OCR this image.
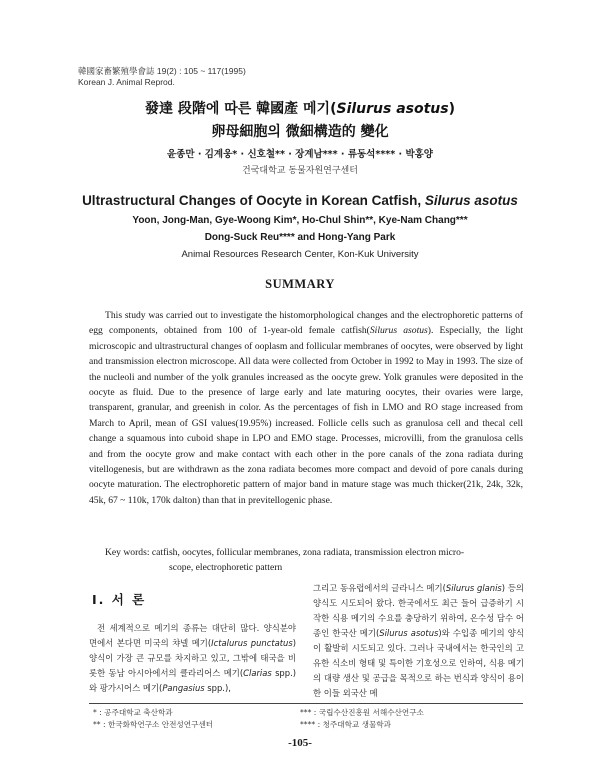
韓國家畜繁殖學會誌 19(2) : 105 ~ 117(1995)
Korean J. Animal Reprod.
發達 段階에 따른 韓國產 메기(Silurus asotus)
卵母細胞의 微細構造的 變化
윤종만 · 김계웅* · 신호철** · 장계남*** · 류동석**** · 박홍양
건국대학교 동물자원연구센터
Ultrastructural Changes of Oocyte in Korean Catfish, Silurus asotus
Yoon, Jong-Man, Gye-Woong Kim*, Ho-Chul Shin**, Kye-Nam Chang***
Dong-Suck Reu**** and Hong-Yang Park
Animal Resources Research Center, Kon-Kuk University
SUMMARY

This study was carried out to investigate the histomorphological changes and the electrophoretic patterns of egg components, obtained from 100 of 1-year-old female catfish(Silurus asotus). Especially, the light microscopic and ultrastructural changes of ooplasm and follicular membranes of oocytes, were observed by light and transmission electron microscope. All data were collected from October in 1992 to May in 1993. The size of the nucleoli and number of the yolk granules increased as the oocyte grew. Yolk granules were deposited in the oocyte as fluid. Due to the presence of large early and late maturing oocytes, their ovaries were large, transparent, granular, and greenish in color. As the percentages of fish in LMO and RO stage increased from March to April, mean of GSI values(19.95%) increased. Follicle cells such as granulosa cell and thecal cell change a squamous into cuboid shape in LPO and EMO stage. Processes, microvilli, from the granulosa cells and from the oocyte grow and make contact with each other in the pore canals of the zona radiata during vitellogenesis, but are withdrawn as the zona radiata becomes more compact and devoid of pore canals during oocyte maturation. The electrophoretic pattern of major band in mature stage was much thicker(21k, 24k, 32k, 45k, 67 ~ 110k, 170k dalton) than that in previtellogenic phase.

Key words: catfish, oocytes, follicular membranes, zona radiata, transmission electron micro-
scope, electrophoretic pattern
I. 서 론

전 세계적으로 메기의 종류는 대단히 많다. 양식분야 면에서 본다면 미국의 챠넬 메기(Ictalurus punctatus) 양식이 가장 큰 규모를 차지하고 있고, 그밖에 태국을 비롯한 동남 아시아에서의 클라리어스 메기(Clarias spp.)와 팡가시어스 메기(Pangasius spp.),

그리고 동유럽에서의 글라니스 메기(Silurus glanis) 등의 양식도 시도되어 왔다. 한국에서도 최근 들어 급증하기 시작한 식용 메기의 수요를 충당하기 위하여, 온수성 담수 어종인 한국산 메기(Silurus asotus)와 수입종 메기의 양식이 활발히 시도되고 있다. 그러나 국내에서는 한국인의 고유한 식소비 형태 및 특이한 기호성으로 인하여, 식용 메기의 대량 생산 및 공급을 목적으로 하는 번식과 양식이 용이한 이들 외국산 메

* : 공주대학교 축산학과
** : 한국화학연구소 안전성연구센터
*** : 국립수산진흥원 서해수산연구소
**** : 청주대학교 생물학과
-105-
